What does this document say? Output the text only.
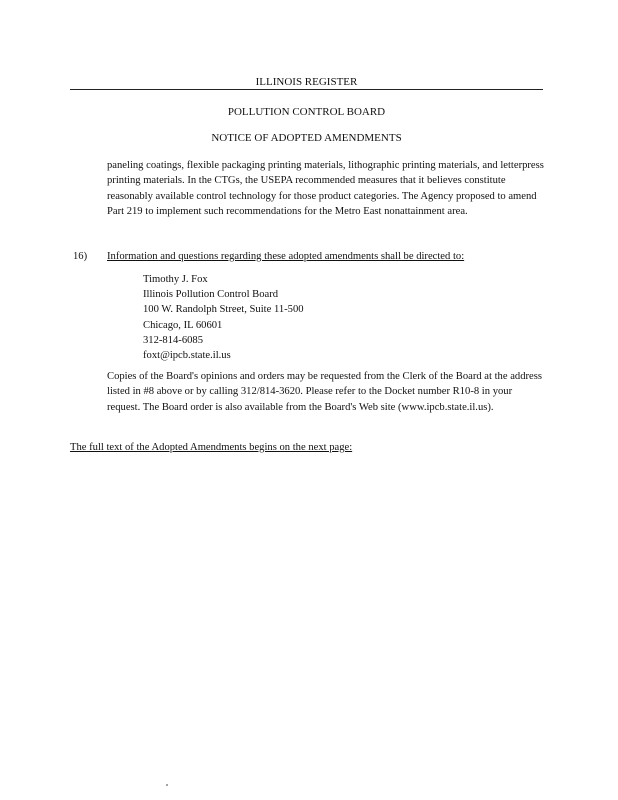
ILLINOIS REGISTER
POLLUTION CONTROL BOARD
NOTICE OF ADOPTED AMENDMENTS

paneling coatings, flexible packaging printing materials, lithographic printing materials, and letterpress printing materials. In the CTGs, the USEPA recommended measures that it believes constitute reasonably available control technology for those product categories. The Agency proposed to amend Part 219 to implement such recommendations for the Metro East nonattainment area.

16) Information and questions regarding these adopted amendments shall be directed to:
Timothy J. Fox
Illinois Pollution Control Board
100 W. Randolph Street, Suite 11-500
Chicago, IL 60601
312-814-6085
foxt@ipcb.state.il.us

Copies of the Board's opinions and orders may be requested from the Clerk of the Board at the address listed in #8 above or by calling 312/814-3620. Please refer to the Docket number R10-8 in your request. The Board order is also available from the Board's Web site (www.ipcb.state.il.us).

The full text of the Adopted Amendments begins on the next page:
